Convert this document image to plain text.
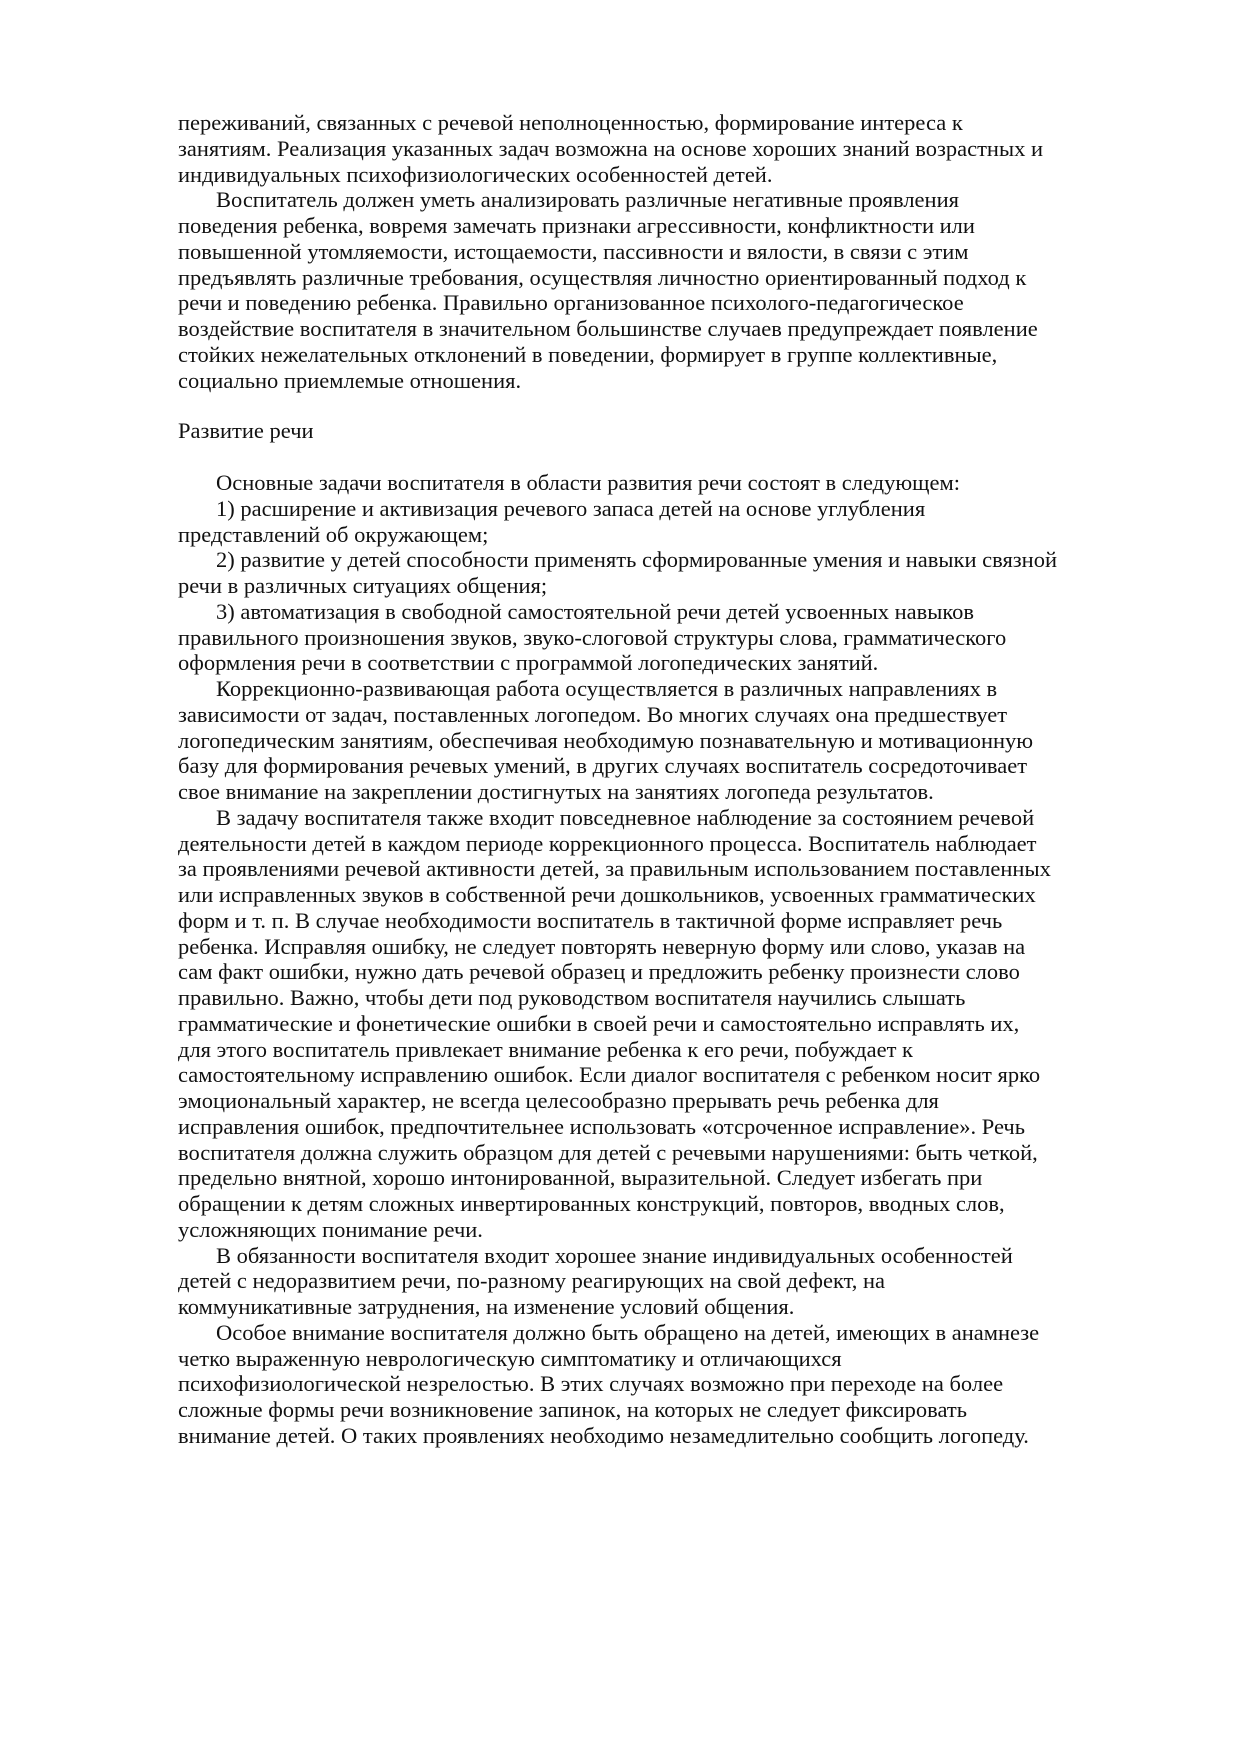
переживаний, связанных с речевой неполноценностью, формирование интереса к
занятиям. Реализация указанных задач возможна на основе хороших знаний возрастных и
индивидуальных психофизиологических особенностей детей.
Воспитатель должен уметь анализировать различные негативные проявления
поведения ребенка, вовремя замечать признаки агрессивности, конфликтности или
повышенной утомляемости, истощаемости, пассивности и вялости, в связи с этим
предъявлять различные требования, осуществляя личностно ориентированный подход к
речи и поведению ребенка. Правильно организованное психолого-педагогическое
воздействие воспитателя в значительном большинстве случаев предупреждает появление
стойких нежелательных отклонений в поведении, формирует в группе коллективные,
социально приемлемые отношения.
Развитие речи
Основные задачи воспитателя в области развития речи состоят в следующем:
1) расширение и активизация речевого запаса детей на основе углубления
представлений об окружающем;
2) развитие у детей способности применять сформированные умения и навыки связной
речи в различных ситуациях общения;
3) автоматизация в свободной самостоятельной речи детей усвоенных навыков
правильного произношения звуков, звуко-слоговой структуры слова, грамматического
оформления речи в соответствии с программой логопедических занятий.
Коррекционно-развивающая работа осуществляется в различных направлениях в
зависимости от задач, поставленных логопедом. Во многих случаях она предшествует
логопедическим занятиям, обеспечивая необходимую познавательную и мотивационную
базу для формирования речевых умений, в других случаях воспитатель сосредоточивает
свое внимание на закреплении достигнутых на занятиях логопеда результатов.
В задачу воспитателя также входит повседневное наблюдение за состоянием речевой
деятельности детей в каждом периоде коррекционного процесса. Воспитатель наблюдает
за проявлениями речевой активности детей, за правильным использованием поставленных
или исправленных звуков в собственной речи дошкольников, усвоенных грамматических
форм и т. п. В случае необходимости воспитатель в тактичной форме исправляет речь
ребенка. Исправляя ошибку, не следует повторять неверную форму или слово, указав на
сам факт ошибки, нужно дать речевой образец и предложить ребенку произнести слово
правильно. Важно, чтобы дети под руководством воспитателя научились слышать
грамматические и фонетические ошибки в своей речи и самостоятельно исправлять их,
для этого воспитатель привлекает внимание ребенка к его речи, побуждает к
самостоятельному исправлению ошибок. Если диалог воспитателя с ребенком носит ярко
эмоциональный характер, не всегда целесообразно прерывать речь ребенка для
исправления ошибок, предпочтительнее использовать «отсроченное исправление». Речь
воспитателя должна служить образцом для детей с речевыми нарушениями: быть четкой,
предельно внятной, хорошо интонированной, выразительной. Следует избегать при
обращении к детям сложных инвертированных конструкций, повторов, вводных слов,
усложняющих понимание речи.
В обязанности воспитателя входит хорошее знание индивидуальных особенностей
детей с недоразвитием речи, по-разному реагирующих на свой дефект, на
коммуникативные затруднения, на изменение условий общения.
Особое внимание воспитателя должно быть обращено на детей, имеющих в анамнезе
четко выраженную неврологическую симптоматику и отличающихся
психофизиологической незрелостью. В этих случаях возможно при переходе на более
сложные формы речи возникновение запинок, на которых не следует фиксировать
внимание детей. О таких проявлениях необходимо незамедлительно сообщить логопеду.
